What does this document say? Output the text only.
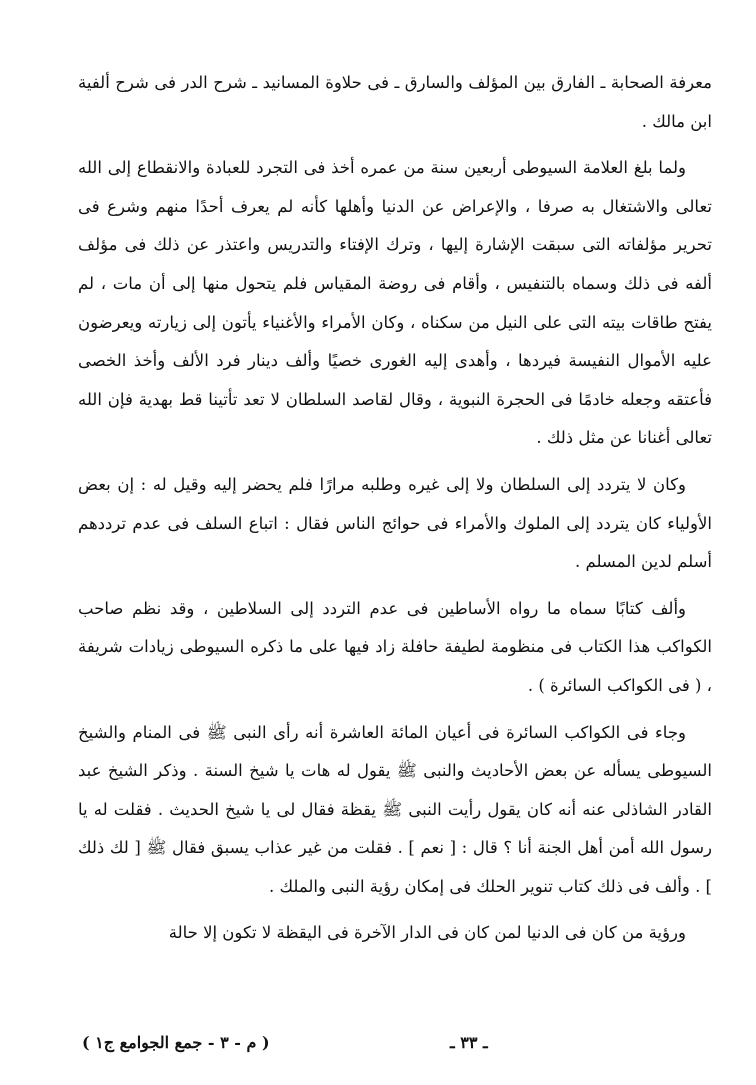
معرفة الصحابة ـ الفارق بين المؤلف والسارق ـ فى حلاوة المسانيد ـ شرح الدر فى شرح ألفية ابن مالك .

ولما بلغ العلامة السيوطى أربعين سنة من عمره أخذ فى التجرد للعبادة والانقطاع إلى الله تعالى والاشتغال به صرفا ، والإعراض عن الدنيا وأهلها كأنه لم يعرف أحدًا منهم وشرع فى تحرير مؤلفاته التى سبقت الإشارة إليها ، وترك الإفتاء والتدريس واعتذر عن ذلك فى مؤلف ألفه فى ذلك وسماه بالتنفيس ، وأقام فى روضة المقياس فلم يتحول منها إلى أن مات ، لم يفتح طاقات بيته التى على النيل من سكناه ، وكان الأمراء والأغنياء يأتون إلى زيارته ويعرضون عليه الأموال النفيسة فيردها ، وأهدى إليه الغورى خصيًا وألف دينار فرد الألف وأخذ الخصى فأعتقه وجعله خادمًا فى الحجرة النبوية ، وقال لقاصد السلطان لا تعد تأتينا قط بهدية فإن الله تعالى أغنانا عن مثل ذلك .

وكان لا يتردد إلى السلطان ولا إلى غيره وطلبه مرارًا فلم يحضر إليه وقيل له : إن بعض الأولياء كان يتردد إلى الملوك والأمراء فى حوائج الناس فقال : اتباع السلف فى عدم ترددهم أسلم لدين المسلم .

وألف كتابًا سماه ما رواه الأساطين فى عدم التردد إلى السلاطين ، وقد نظم صاحب الكواكب هذا الكتاب فى منظومة لطيفة حافلة زاد فيها على ما ذكره السيوطى زيادات شريفة ، ( فى الكواكب السائرة ) .

وجاء فى الكواكب السائرة فى أعيان المائة العاشرة أنه رأى النبى ﷺ فى المنام والشيخ السيوطى يسأله عن بعض الأحاديث والنبى ﷺ يقول له هات يا شيخ السنة . وذكر الشيخ عبد القادر الشاذلى عنه أنه كان يقول رأيت النبى ﷺ يقظة فقال لى يا شيخ الحديث . فقلت له يا رسول الله أمن أهل الجنة أنا ؟ قال : [ نعم ] . فقلت من غير عذاب يسبق فقال ﷺ [ لك ذلك ] . وألف فى ذلك كتاب تنوير الحلك فى إمكان رؤية النبى والملك .

ورؤية من كان فى الدنيا لمن كان فى الدار الآخرة فى اليقظة لا تكون إلا حالة

ـ ٣٣ ـ
( م - ٣ - جمع الجوامع ج١ )
